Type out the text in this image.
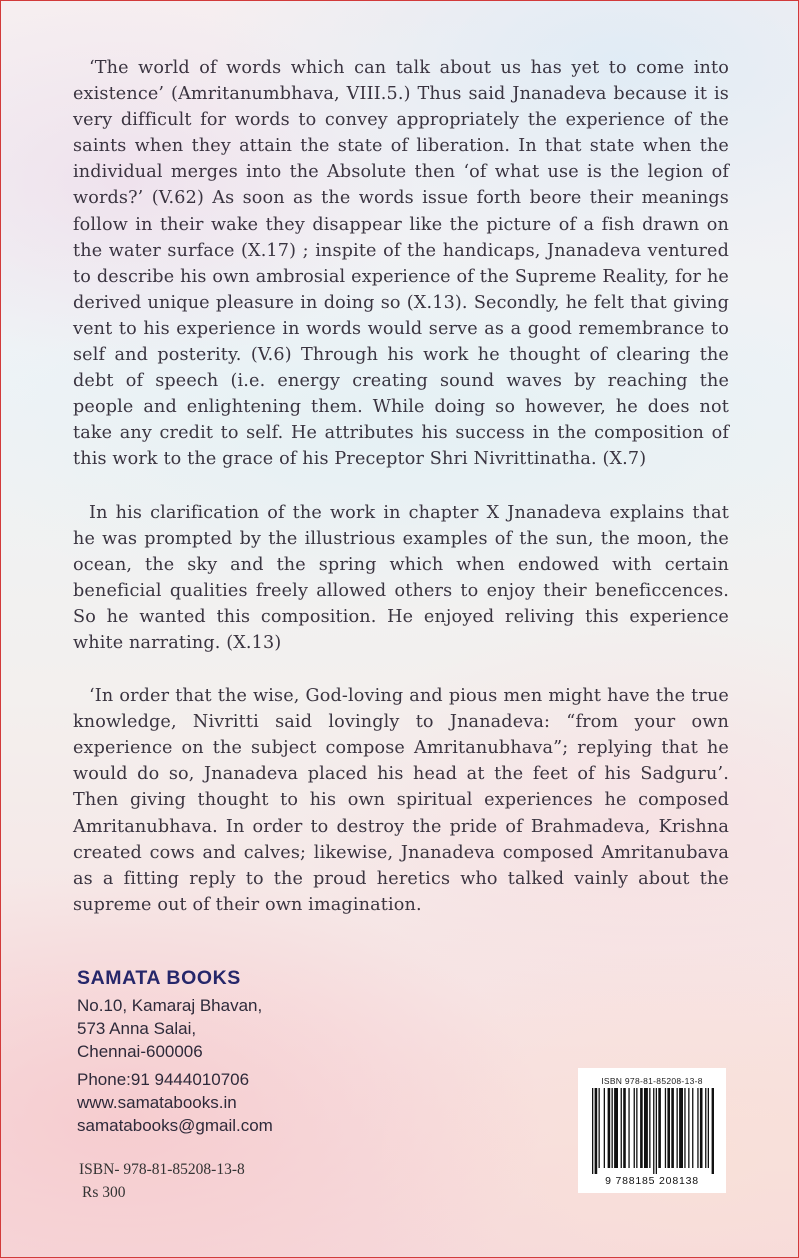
‘The world of words which can talk about us has yet to come into existence’ (Amritanumbhava, VIII.5.) Thus said Jnanadeva because it is very difficult for words to convey appropriately the experience of the saints when they attain the state of liberation. In that state when the individual merges into the Absolute then ‘of what use is the legion of words?’ (V.62) As soon as the words issue forth beore their meanings follow in their wake they disappear like the picture of a fish drawn on the water surface (X.17) ; inspite of the handicaps, Jnanadeva ventured to describe his own ambrosial experience of the Supreme Reality, for he derived unique pleasure in doing so (X.13). Secondly, he felt that giving vent to his experience in words would serve as a good remembrance to self and posterity. (V.6) Through his work he thought of clearing the debt of speech (i.e. energy creating sound waves by reaching the people and enlightening them. While doing so however, he does not take any credit to self. He attributes his success in the composition of this work to the grace of his Preceptor Shri Nivrittinatha. (X.7)

In his clarification of the work in chapter X Jnanadeva explains that he was prompted by the illustrious examples of the sun, the moon, the ocean, the sky and the spring which when endowed with certain beneficial qualities freely allowed others to enjoy their beneficcences. So he wanted this composition. He enjoyed reliving this experience white narrating. (X.13)

‘In order that the wise, God-loving and pious men might have the true knowledge, Nivritti said lovingly to Jnanadeva: “from your own experience on the subject compose Amritanubhava”; replying that he would do so, Jnanadeva placed his head at the feet of his Sadguru’. Then giving thought to his own spiritual experiences he composed Amritanubhava. In order to destroy the pride of Brahmadeva, Krishna created cows and calves; likewise, Jnanadeva composed Amritanubava as a fitting reply to the proud heretics who talked vainly about the supreme out of their own imagination.

SAMATA BOOKS
No.10, Kamaraj Bhavan,
573 Anna Salai,
Chennai-600006
Phone:91 9444010706
www.samatabooks.in
samatabooks@gmail.com
ISBN- 978-81-85208-13-8
Rs 300
ISBN 978-81-85208-13-8
9 788185 208138
